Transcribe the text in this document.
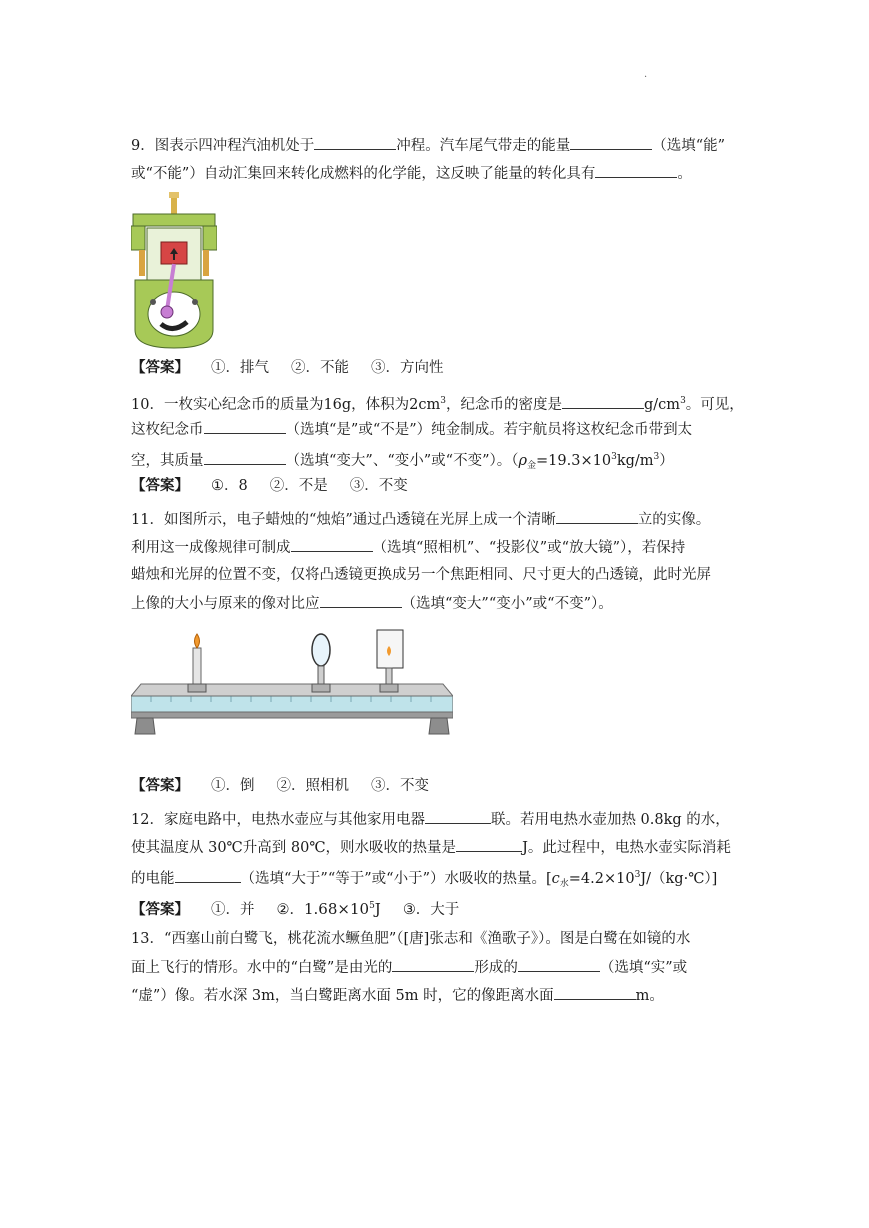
·
9．图表示四冲程汽油机处于	冲程。汽车尾气带走的能量	（选填“能”
或“不能”）自动汇集回来转化成燃料的化学能，这反映了能量的转化具有	。
【答案】 ①．排气 ②．不能 ③．方向性
10．一枚实心纪念币的质量为16g，体积为$2cm^3$，纪念币的密度是	$g/cm^3$。可见，
这枚纪念币	（选填“是”或“不是”）纯金制成。若宇航员将这枚纪念币带到太
空，其质量	（选填“变大”、“变小”或“不变”）。$(\rho_金=19.3\times 10^3kg/m^3)$
【答案】 ①．8 ②．不是 ③．不变
11．如图所示，电子蜡烛的“烛焰”通过凸透镜在光屏上成一个清晰	立的实像。
利用这一成像规律可制成	（选填“照相机”、“投影仪”或“放大镜”），若保持
蜡烛和光屏的位置不变，仅将凸透镜更换成另一个焦距相同、尺寸更大的凸透镜，此时光屏
上像的大小与原来的像对比应	（选填“变大”“变小”或“不变”）。
【答案】 ①．倒 ②．照相机 ③．不变
12．家庭电路中，电热水壶应与其他家用电器	联。若用电热水壶加热 0.8kg 的水，
使其温度从 30℃升高到 80℃，则水吸收的热量是	J。此过程中，电热水壶实际消耗
的电能	（选填“大于”“等于”或“小于”）水吸收的热量。$[c_水=4.2\times 10^3J/(kg\cdot℃)]$
【答案】 ①．并 ②．$1.68\times 10^5J$ ③．大于
13．“西塞山前白鹭飞，桃花流水鳜鱼肥”（[唐]张志和《渔歌子》）。图是白鹭在如镜的水
面上飞行的情形。水中的“白鹭”是由光的	形成的	（选填“实”或
“虚”）像。若水深 3m，当白鹭距离水面 5m 时，它的像距离水面	m。
